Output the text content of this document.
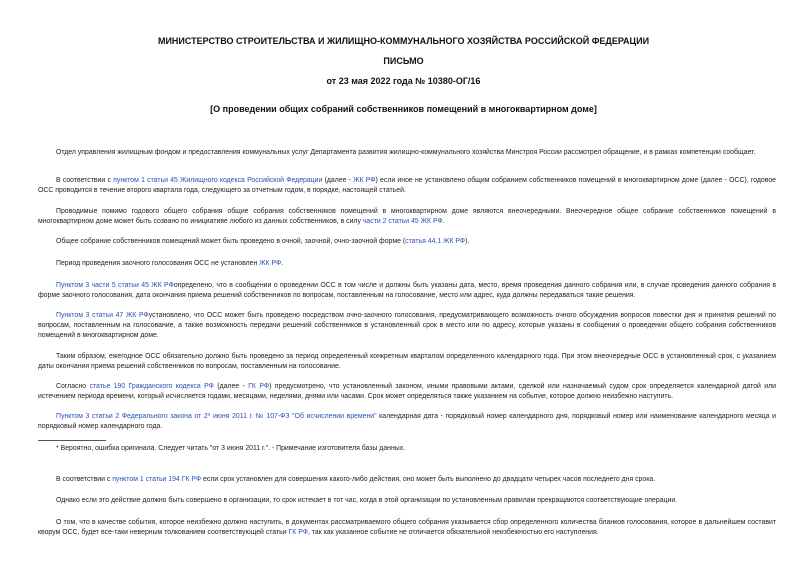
МИНИСТЕРСТВО СТРОИТЕЛЬСТВА И ЖИЛИЩНО-КОММУНАЛЬНОГО ХОЗЯЙСТВА РОССИЙСКОЙ ФЕДЕРАЦИИ
ПИСЬМО
от 23 мая 2022 года № 10380-ОГ/16
[О проведении общих собраний собственников помещений в многоквартирном доме]
Отдел управления жилищным фондом и предоставления коммунальных услуг Департамента развития жилищно-коммунального хозяйства Минстроя России рассмотрел обращение, и в рамках компетенции сообщает.
В соответствии с пунктом 1 статьи 45 Жилищного кодекса Российской Федерации (далее - ЖК РФ) если иное не установлено общим собранием собственников помещений в многоквартирном доме (далее - ОСС), годовое ОСС проводится в течение второго квартала года, следующего за отчетным годом, в порядке, настоящей статьей.
Проводимые помимо годового общего собрания общие собрания собственников помещений в многоквартирном доме являются внеочередными. Внеочередное общее собрание собственников помещений в многоквартирном доме может быть созвано по инициативе любого из данных собственников, в силу части 2 статьи 45 ЖК РФ.
Общее собрание собственников помещений может быть проведено в очной, заочной, очно-заочной форме (статья 44.1 ЖК РФ).
Период проведения заочного голосования ОСС не установлен ЖК РФ.
Пунктом 3 части 5 статьи 45 ЖК РФопределено, что в сообщении о проведении ОСС в том числе и должны быть указаны дата, место, время проведения данного собрания или, в случае проведения данного собрания в форме заочного голосования, дата окончания приема решений собственников по вопросам, поставленным на голосование, место или адрес, куда должны передаваться такие решения.
Пунктом 3 статьи 47 ЖК РФустановлено, что ОСС может быть проведено посредством очно-заочного голосования, предусматривающего возможность очного обсуждения вопросов повестки дня и принятия решений по вопросам, поставленным на голосование, а также возможность передачи решений собственников в установленный срок в место или по адресу, которые указаны в сообщении о проведении общего собрания собственников помещений в многоквартирном доме.
Таким образом, ежегодное ОСС обязательно должно быть проведено за период определенный конкретным кварталом определенного календарного года. При этом внеочередные ОСС в установленный срок, с указанием даты окончания приема решений собственников по вопросам, поставленным на голосование.
Согласно статье 190 Гражданского кодекса РФ (далее - ГК РФ) предусмотрено, что установленный законом, иными правовыми актами, сделкой или назначаемый судом срок определяется календарной датой или истечением периода времени, который исчисляется годами, месяцами, неделями, днями или часами. Срок может определяться также указанием на событие, которое должно неизбежно наступить.
Пунктом 3 статьи 2 Федерального закона от 2* июня 2011 г. № 107-ФЗ "Об исчислении времени" календарная дата - порядковый номер календарного дня, порядковый номер или наименование календарного месяца и порядковый номер календарного года.
* Вероятно, ошибка оригинала. Следует читать "от 3 июня 2011 г.". - Примечание изготовителя базы данных.
В соответствии с пунктом 1 статьи 194 ГК РФ если срок установлен для совершения какого-либо действия, оно может быть выполнено до двадцати четырех часов последнего дня срока.
Однако если это действие должно быть совершено в организации, то срок истекает в тот час, когда в этой организации по установленным правилам прекращаются соответствующие операции.
О том, что в качестве события, которое неизбежно должно наступить, в документах рассматриваемого общего собрания указывается сбор определенного количества бланков голосования, которое в дальнейшем составит кворум ОСС, будет все-таки неверным толкованием соответствующей статьи ГК РФ, так как указанное событие не отличается обязательной неизбежностью его наступления.
